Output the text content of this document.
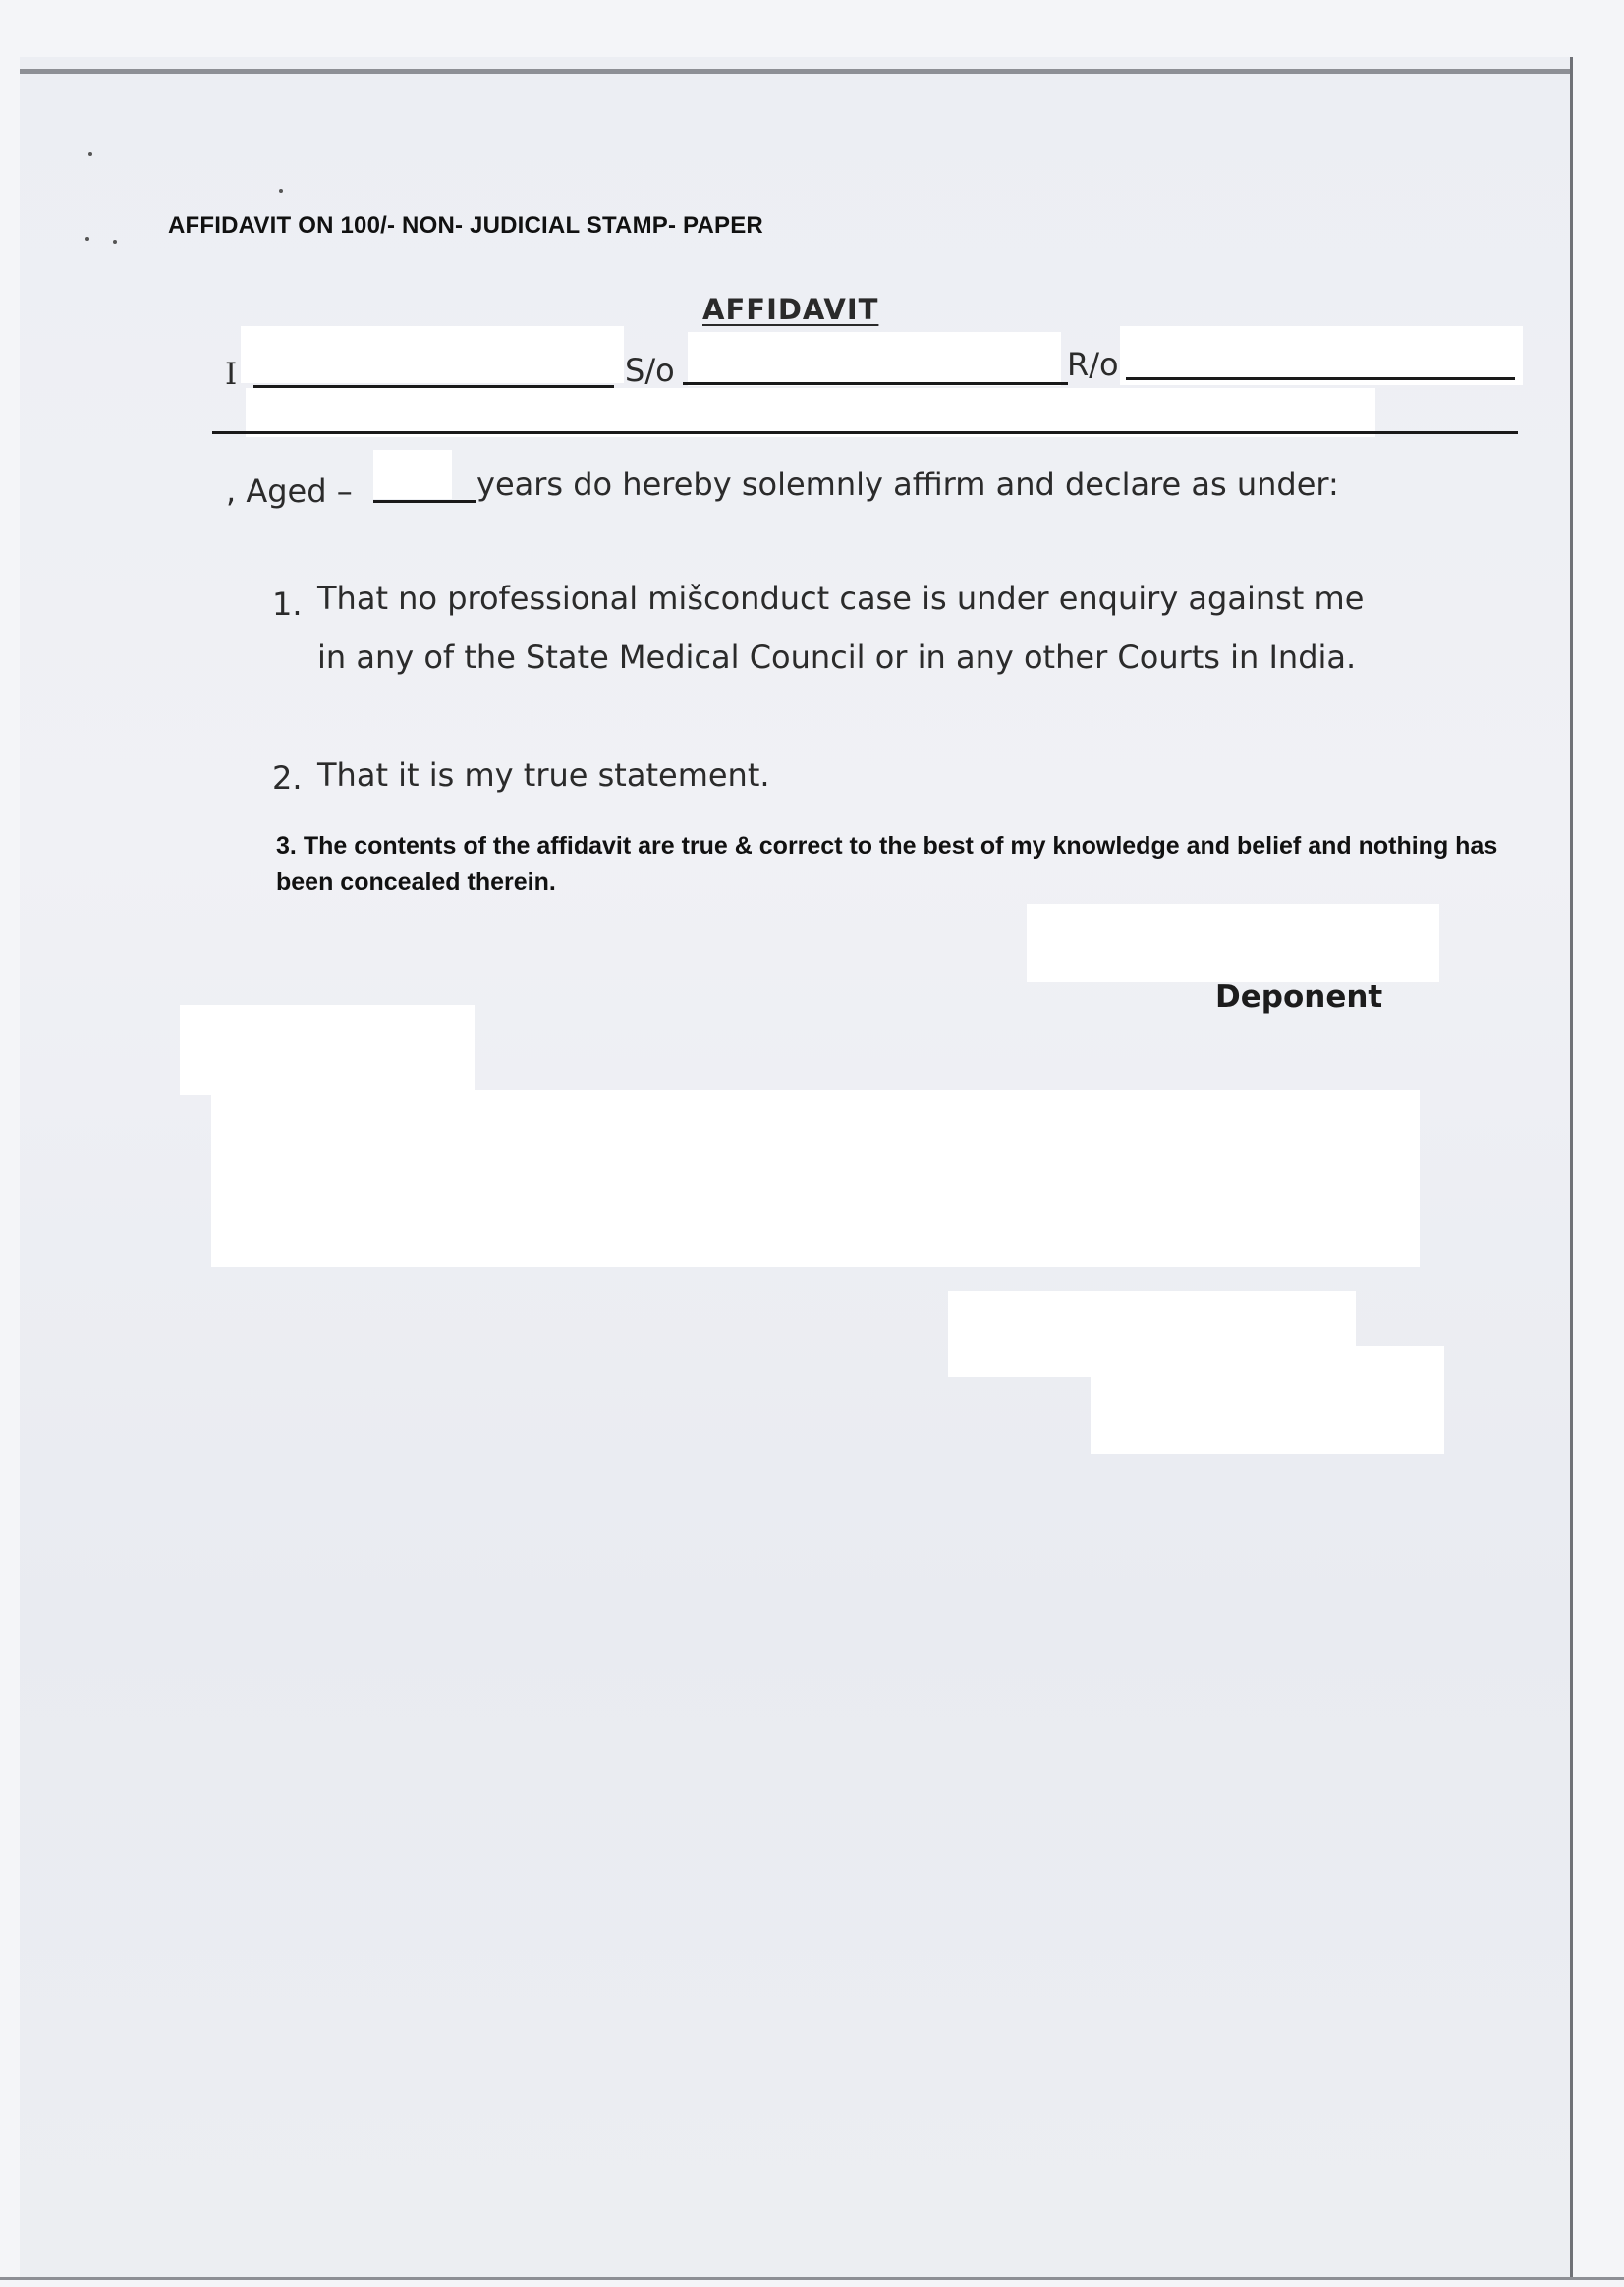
AFFIDAVIT ON 100/- NON- JUDICIAL STAMP- PAPER
AFFIDAVIT
I	S/o	R/o
, Aged –	years do hereby solemnly affirm and declare as under:
1. That no professional mišconduct case is under enquiry against me
in any of the State Medical Council or in any other Courts in India.
2. That it is my true statement.
3. The contents of the affidavit are true & correct to the best of my knowledge and belief and nothing has been concealed therein.
Deponent
